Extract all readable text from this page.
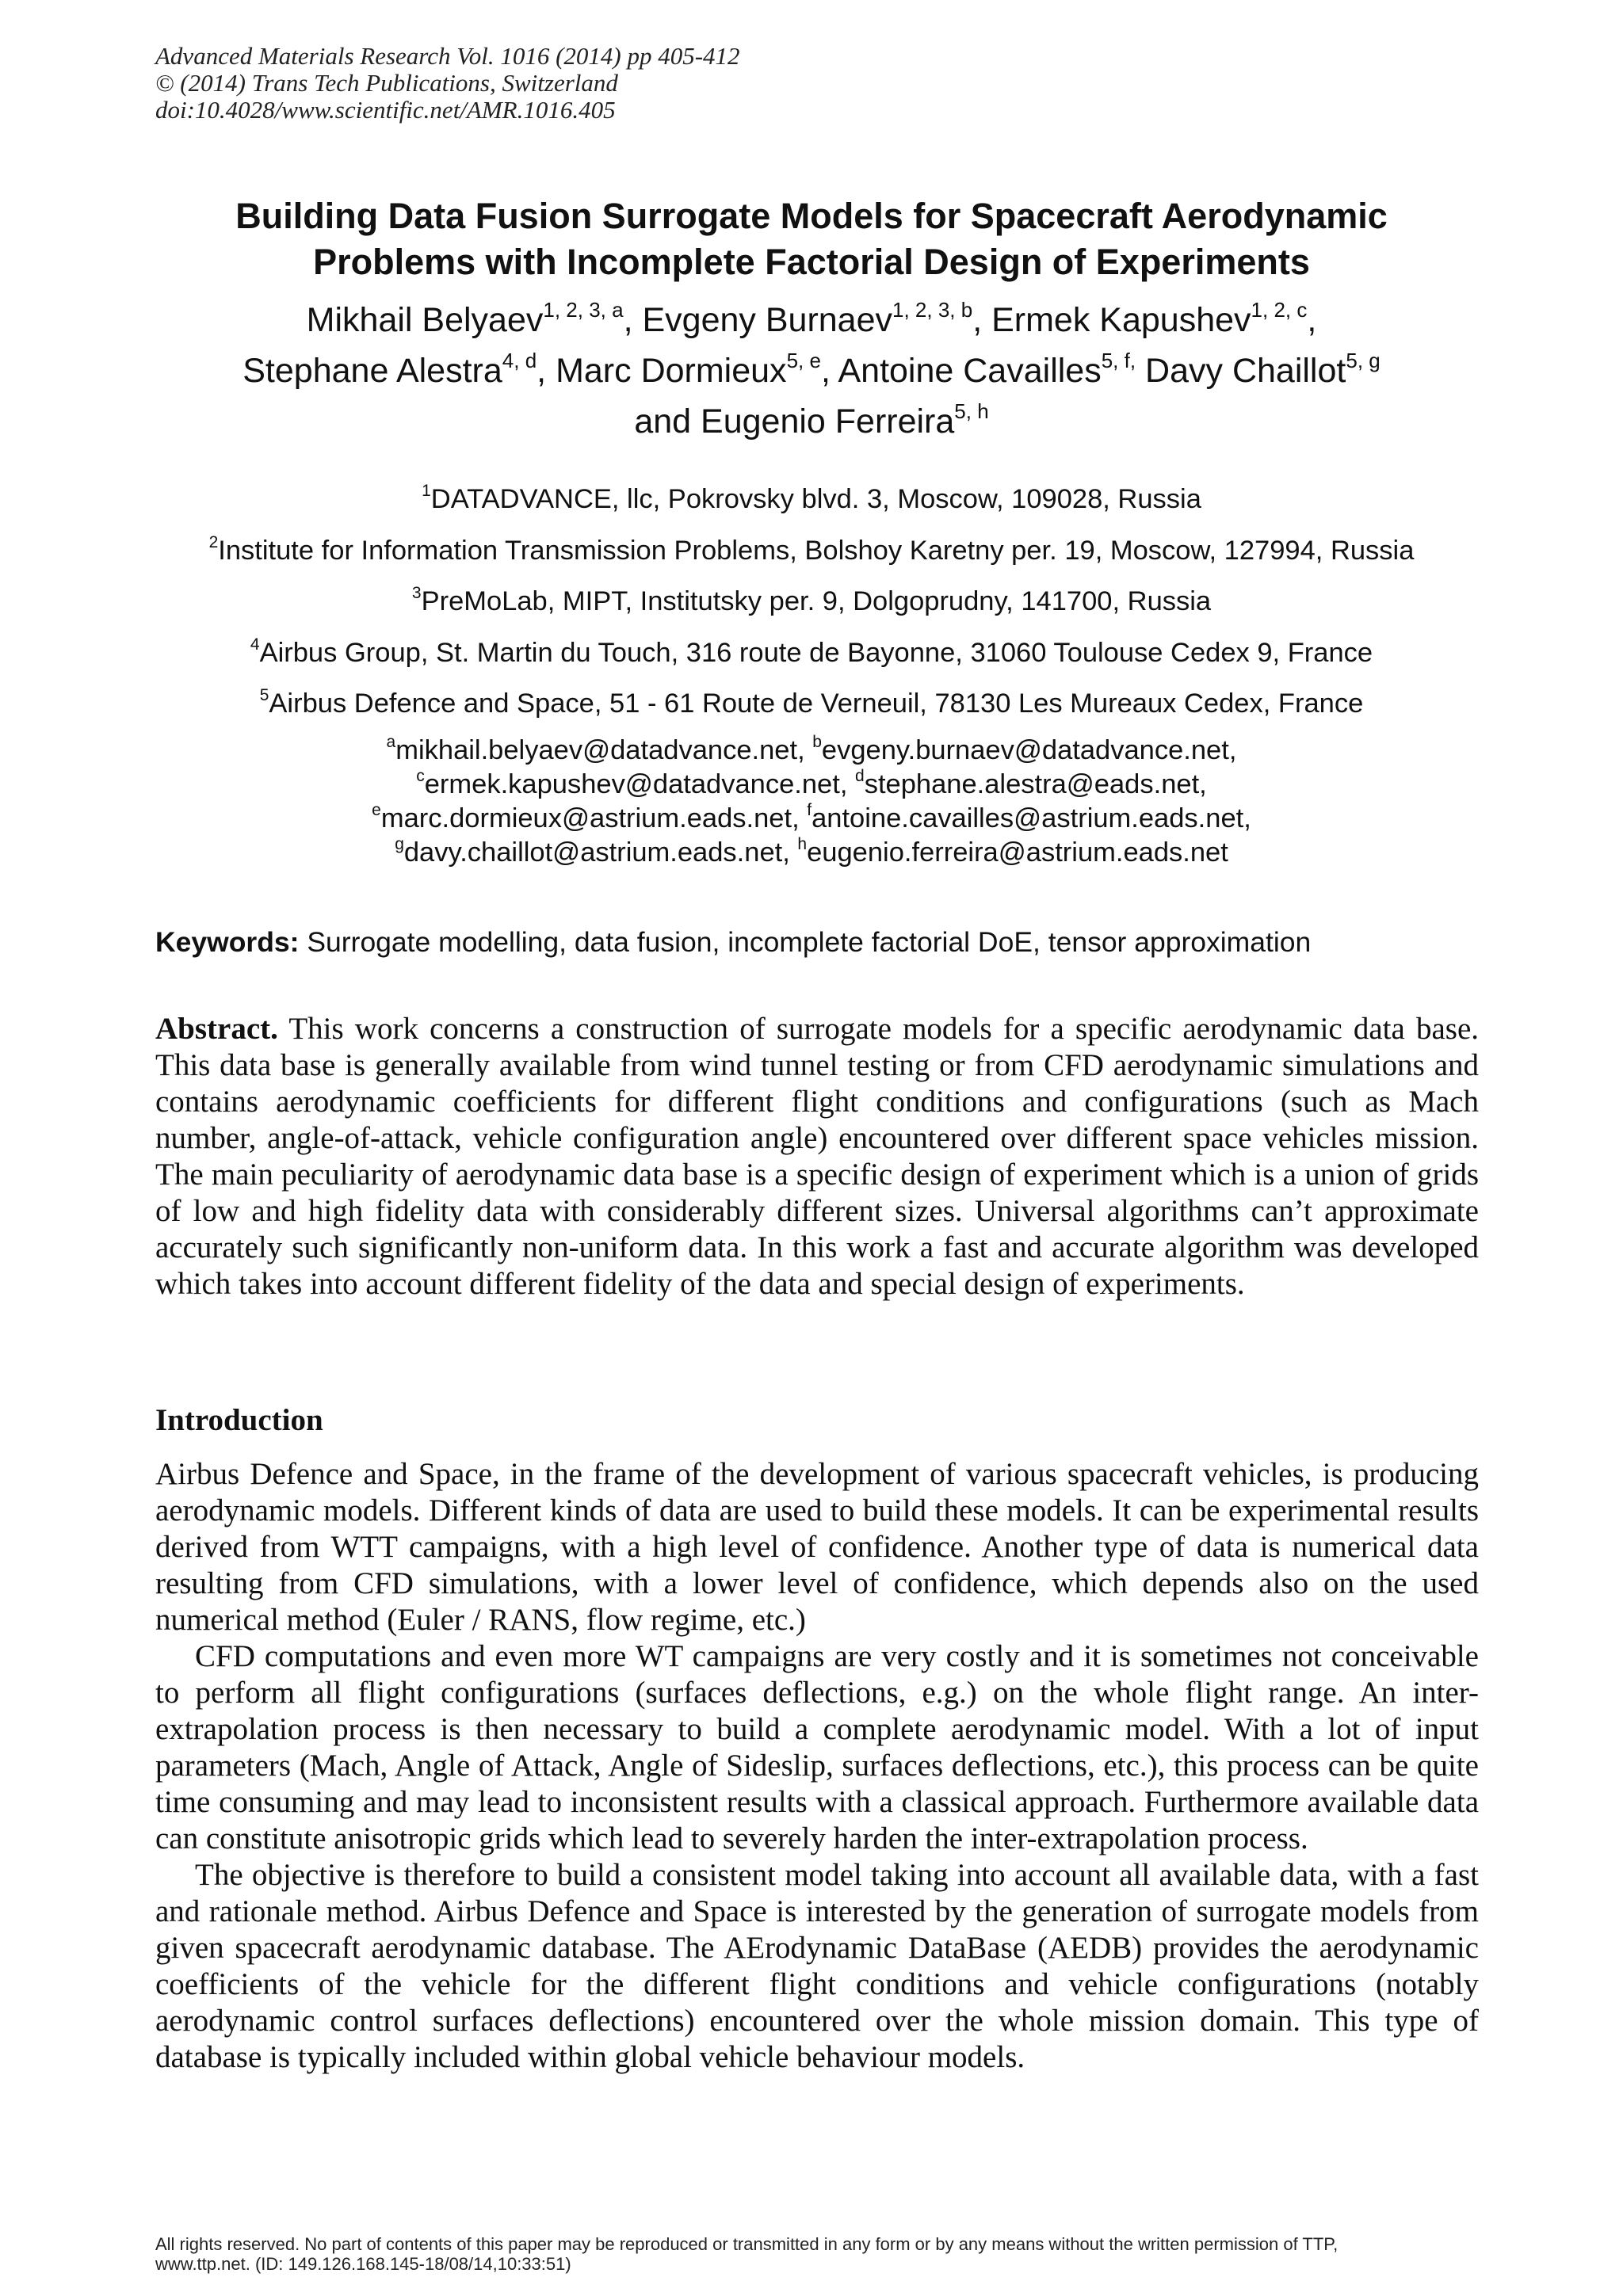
Advanced Materials Research Vol. 1016 (2014) pp 405-412
© (2014) Trans Tech Publications, Switzerland
doi:10.4028/www.scientific.net/AMR.1016.405
Building Data Fusion Surrogate Models for Spacecraft Aerodynamic
Problems with Incomplete Factorial Design of Experiments
Mikhail Belyaev$^{1, 2, 3, a}$, Evgeny Burnaev$^{1, 2, 3, b}$, Ermek Kapushev$^{1, 2, c}$,
Stephane Alestra$^{4, d}$, Marc Dormieux$^{5, e}$, Antoine Cavailles$^{5, f,}$ Davy Chaillot$^{5, g}$
and Eugenio Ferreira$^{5, h}$
$^1$DATADVANCE, llc, Pokrovsky blvd. 3, Moscow, 109028, Russia
$^2$Institute for Information Transmission Problems, Bolshoy Karetny per. 19, Moscow, 127994, Russia
$^3$PreMoLab, MIPT, Institutsky per. 9, Dolgoprudny, 141700, Russia
$^4$Airbus Group, St. Martin du Touch, 316 route de Bayonne, 31060 Toulouse Cedex 9, France
$^5$Airbus Defence and Space, 51 - 61 Route de Verneuil, 78130 Les Mureaux Cedex, France
$^a$mikhail.belyaev@datadvance.net, $^b$evgeny.burnaev@datadvance.net,
$^c$ermek.kapushev@datadvance.net, $^d$stephane.alestra@eads.net,
$^e$marc.dormieux@astrium.eads.net, $^f$antoine.cavailles@astrium.eads.net,
$^g$davy.chaillot@astrium.eads.net, $^h$eugenio.ferreira@astrium.eads.net
Keywords: Surrogate modelling, data fusion, incomplete factorial DoE, tensor approximation
Abstract. This work concerns a construction of surrogate models for a specific aerodynamic data base. This data base is generally available from wind tunnel testing or from CFD aerodynamic simulations and contains aerodynamic coefficients for different flight conditions and configurations (such as Mach number, angle-of-attack, vehicle configuration angle) encountered over different space vehicles mission. The main peculiarity of aerodynamic data base is a specific design of experiment which is a union of grids of low and high fidelity data with considerably different sizes. Universal algorithms can’t approximate accurately such significantly non-uniform data. In this work a fast and accurate algorithm was developed which takes into account different fidelity of the data and special design of experiments.
Introduction

Airbus Defence and Space, in the frame of the development of various spacecraft vehicles, is producing aerodynamic models. Different kinds of data are used to build these models. It can be experimental results derived from WTT campaigns, with a high level of confidence. Another type of data is numerical data resulting from CFD simulations, with a lower level of confidence, which depends also on the used numerical method (Euler / RANS, flow regime, etc.)

CFD computations and even more WT campaigns are very costly and it is sometimes not conceivable to perform all flight configurations (surfaces deflections, e.g.) on the whole flight range. An inter-extrapolation process is then necessary to build a complete aerodynamic model. With a lot of input parameters (Mach, Angle of Attack, Angle of Sideslip, surfaces deflections, etc.), this process can be quite time consuming and may lead to inconsistent results with a classical approach. Furthermore available data can constitute anisotropic grids which lead to severely harden the inter-extrapolation process.

The objective is therefore to build a consistent model taking into account all available data, with a fast and rationale method. Airbus Defence and Space is interested by the generation of surrogate models from given spacecraft aerodynamic database. The AErodynamic DataBase (AEDB) provides the aerodynamic coefficients of the vehicle for the different flight conditions and vehicle configurations (notably aerodynamic control surfaces deflections) encountered over the whole mission domain. This type of database is typically included within global vehicle behaviour models.

All rights reserved. No part of contents of this paper may be reproduced or transmitted in any form or by any means without the written permission of TTP,
www.ttp.net. (ID: 149.126.168.145-18/08/14,10:33:51)
